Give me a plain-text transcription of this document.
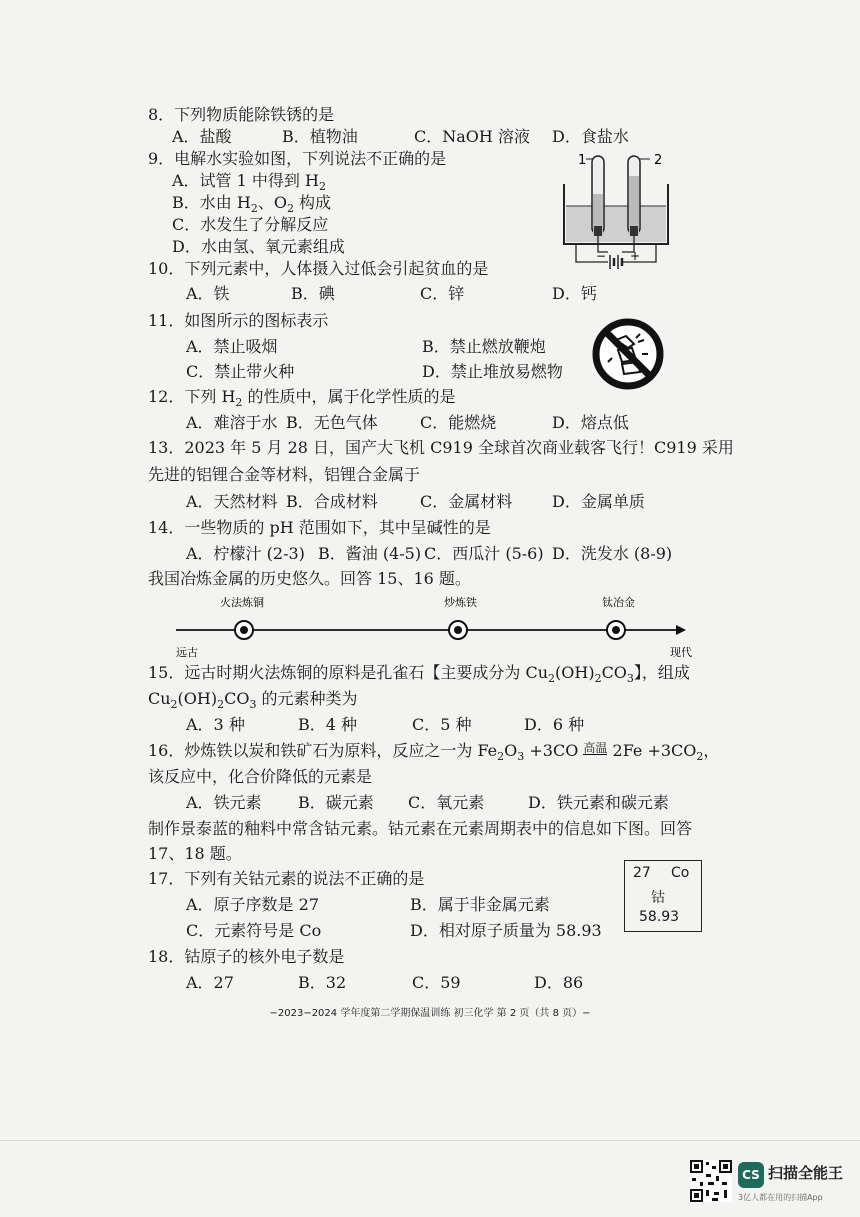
8．下列物质能除铁锈的是
A．盐酸	B．植物油	C．NaOH 溶液 D．食盐水
9．电解水实验如图，下列说法不正确的是
A．试管 1 中得到 $H_2$
B．水由 $H_2$、$O_2$ 构成
C．水发生了分解反应
D．水由氢、氧元素组成
1	2
− +
10．下列元素中，人体摄入过低会引起贫血的是
A．铁	B．碘	C．锌	D．钙
11．如图所示的图标表示
A．禁止吸烟	B．禁止燃放鞭炮
C．禁止带火种	D．禁止堆放易燃物
12．下列 $H_2$ 的性质中，属于化学性质的是
A．难溶于水 B．无色气体	C．能燃烧	D．熔点低
13．2023 年 5 月 28 日，国产大飞机 C919 全球首次商业载客飞行！C919 采用
先进的铝锂合金等材料，铝锂合金属于
A．天然材料 B．合成材料	C．金属材料 D．金属单质
14．一些物质的 pH 范围如下，其中呈碱性的是
A．柠檬汁 (2-3) B．酱油 (4-5) C．西瓜汁 (5-6) D．洗发水 (8-9)
我国冶炼金属的历史悠久。回答 15、16 题。
火法炼铜	炒炼铁	钛冶金
远古	现代
15．远古时期火法炼铜的原料是孔雀石【主要成分为 $Cu_2(OH)_2CO_3$】，组成
$Cu_2(OH)_2CO_3$ 的元素种类为
A．3 种	B．4 种	C．5 种	D．6 种
16．炒炼铁以炭和铁矿石为原料，反应之一为 $Fe_2O_3 +3CO$ 高温 $2Fe +3CO_2$，
该反应中，化合价降低的元素是
A．铁元素 B．碳元素 C．氧元素	D．铁元素和碳元素
制作景泰蓝的釉料中常含钴元素。钴元素在元素周期表中的信息如下图。回答
17、18 题。
17．下列有关钴元素的说法不正确的是
A．原子序数是 27	B．属于非金属元素
C．元素符号是 Co	D．相对原子质量为 58.93
27 Co
钴
58.93
18．钴原子的核外电子数是
A．27	B．32	C．59	D．86
−2023−2024 学年度第二学期保温训练 初三化学 第 2 页（共 8 页）−
CS 扫描全能王
3亿人都在用的扫描App
